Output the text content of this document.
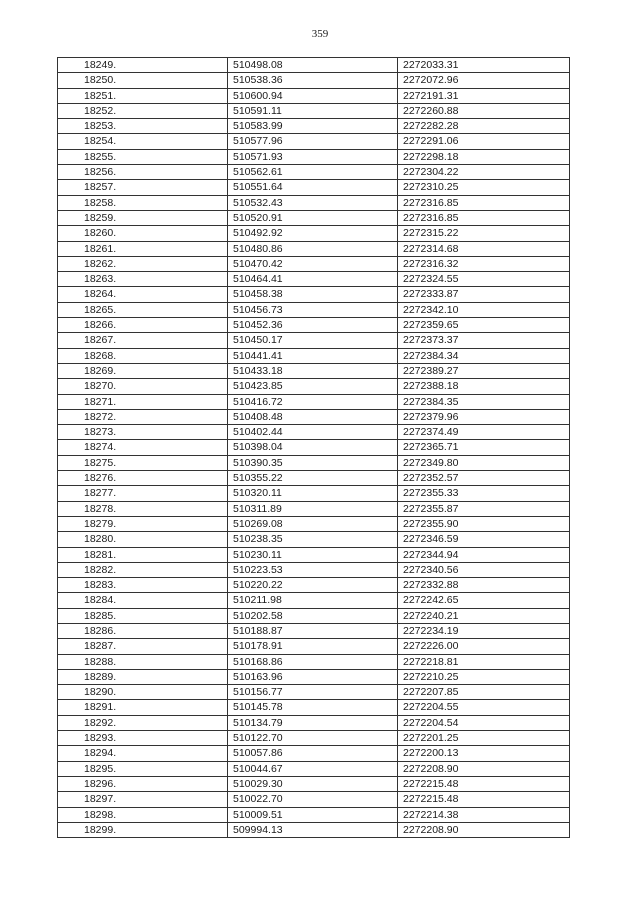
359
18249.	510498.08	2272033.31
18250.	510538.36	2272072.96
18251.	510600.94	2272191.31
18252.	510591.11	2272260.88
18253.	510583.99	2272282.28
18254.	510577.96	2272291.06
18255.	510571.93	2272298.18
18256.	510562.61	2272304.22
18257.	510551.64	2272310.25
18258.	510532.43	2272316.85
18259.	510520.91	2272316.85
18260.	510492.92	2272315.22
18261.	510480.86	2272314.68
18262.	510470.42	2272316.32
18263.	510464.41	2272324.55
18264.	510458.38	2272333.87
18265.	510456.73	2272342.10
18266.	510452.36	2272359.65
18267.	510450.17	2272373.37
18268.	510441.41	2272384.34
18269.	510433.18	2272389.27
18270.	510423.85	2272388.18
18271.	510416.72	2272384.35
18272.	510408.48	2272379.96
18273.	510402.44	2272374.49
18274.	510398.04	2272365.71
18275.	510390.35	2272349.80
18276.	510355.22	2272352.57
18277.	510320.11	2272355.33
18278.	510311.89	2272355.87
18279.	510269.08	2272355.90
18280.	510238.35	2272346.59
18281.	510230.11	2272344.94
18282.	510223.53	2272340.56
18283.	510220.22	2272332.88
18284.	510211.98	2272242.65
18285.	510202.58	2272240.21
18286.	510188.87	2272234.19
18287.	510178.91	2272226.00
18288.	510168.86	2272218.81
18289.	510163.96	2272210.25
18290.	510156.77	2272207.85
18291.	510145.78	2272204.55
18292.	510134.79	2272204.54
18293.	510122.70	2272201.25
18294.	510057.86	2272200.13
18295.	510044.67	2272208.90
18296.	510029.30	2272215.48
18297.	510022.70	2272215.48
18298.	510009.51	2272214.38
18299.	509994.13	2272208.90
